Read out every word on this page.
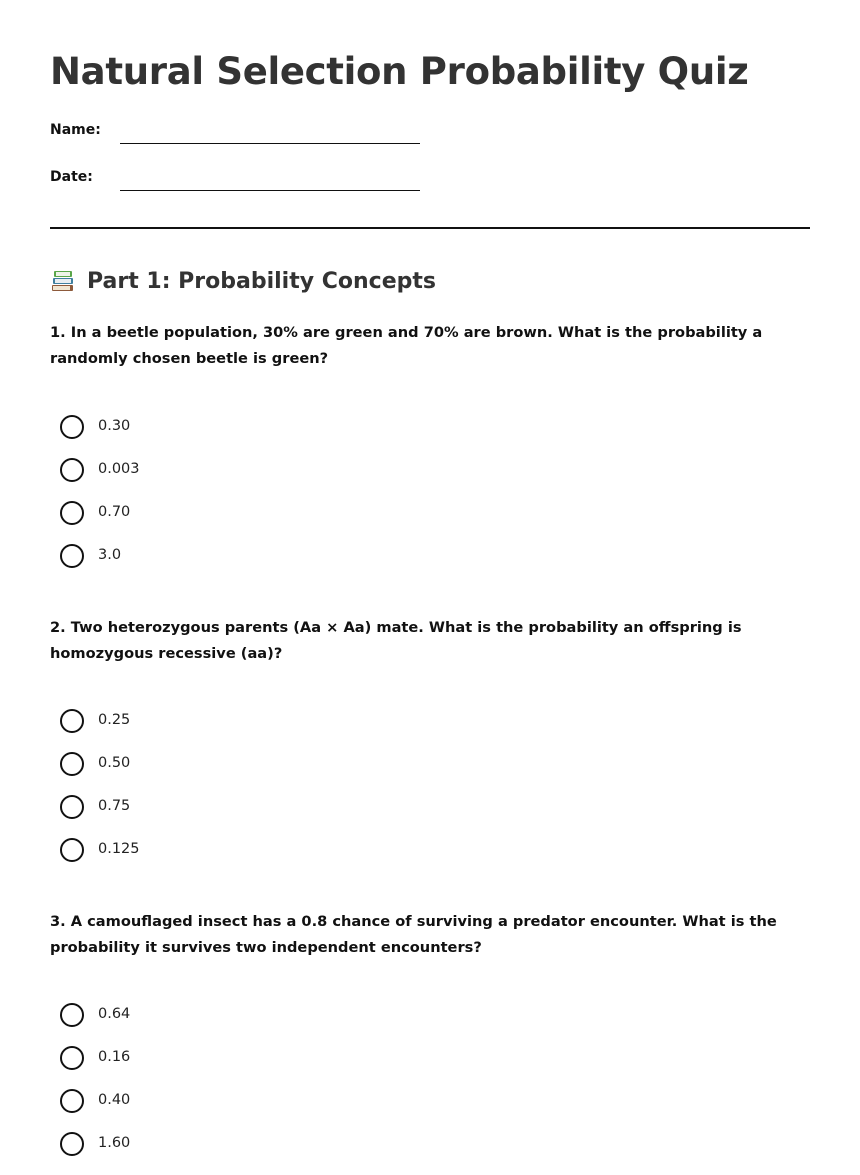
Natural Selection Probability Quiz
Name:
Date:
Part 1: Probability Concepts

1. In a beetle population, 30% are green and 70% are brown. What is the probability a randomly chosen beetle is green?

0.30
0.003
0.70
3.0

2. Two heterozygous parents (Aa × Aa) mate. What is the probability an offspring is homozygous recessive (aa)?

0.25
0.50
0.75
0.125

3. A camouflaged insect has a 0.8 chance of surviving a predator encounter. What is the probability it survives two independent encounters?

0.64
0.16
0.40
1.60
